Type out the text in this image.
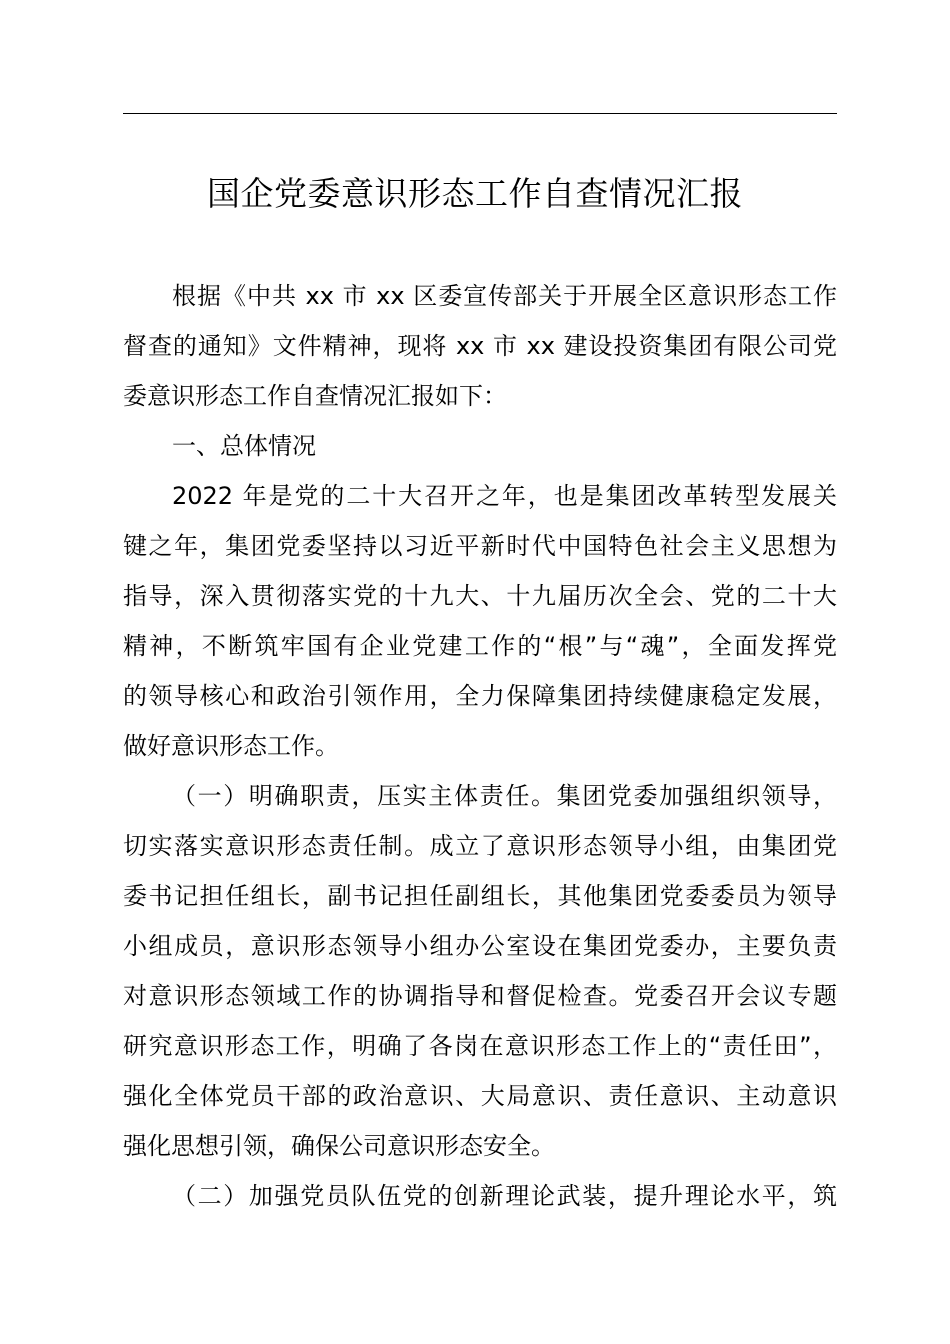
国企党委意识形态工作自查情况汇报
根据《中共 xx 市 xx 区委宣传部关于开展全区意识形态工作
督查的通知》文件精神，现将 xx 市 xx 建设投资集团有限公司党
委意识形态工作自查情况汇报如下：
一、总体情况
2022 年是党的二十大召开之年，也是集团改革转型发展关
键之年，集团党委坚持以习近平新时代中国特色社会主义思想为
指导，深入贯彻落实党的十九大、十九届历次全会、党的二十大
精神，不断筑牢国有企业党建工作的“根”与“魂”，全面发挥党
的领导核心和政治引领作用，全力保障集团持续健康稳定发展，
做好意识形态工作。
（一）明确职责，压实主体责任。集团党委加强组织领导，
切实落实意识形态责任制。成立了意识形态领导小组，由集团党
委书记担任组长，副书记担任副组长，其他集团党委委员为领导
小组成员，意识形态领导小组办公室设在集团党委办，主要负责
对意识形态领域工作的协调指导和督促检查。党委召开会议专题
研究意识形态工作，明确了各岗在意识形态工作上的“责任田”，
强化全体党员干部的政治意识、大局意识、责任意识、主动意识
强化思想引领，确保公司意识形态安全。
（二）加强党员队伍党的创新理论武装，提升理论水平，筑
